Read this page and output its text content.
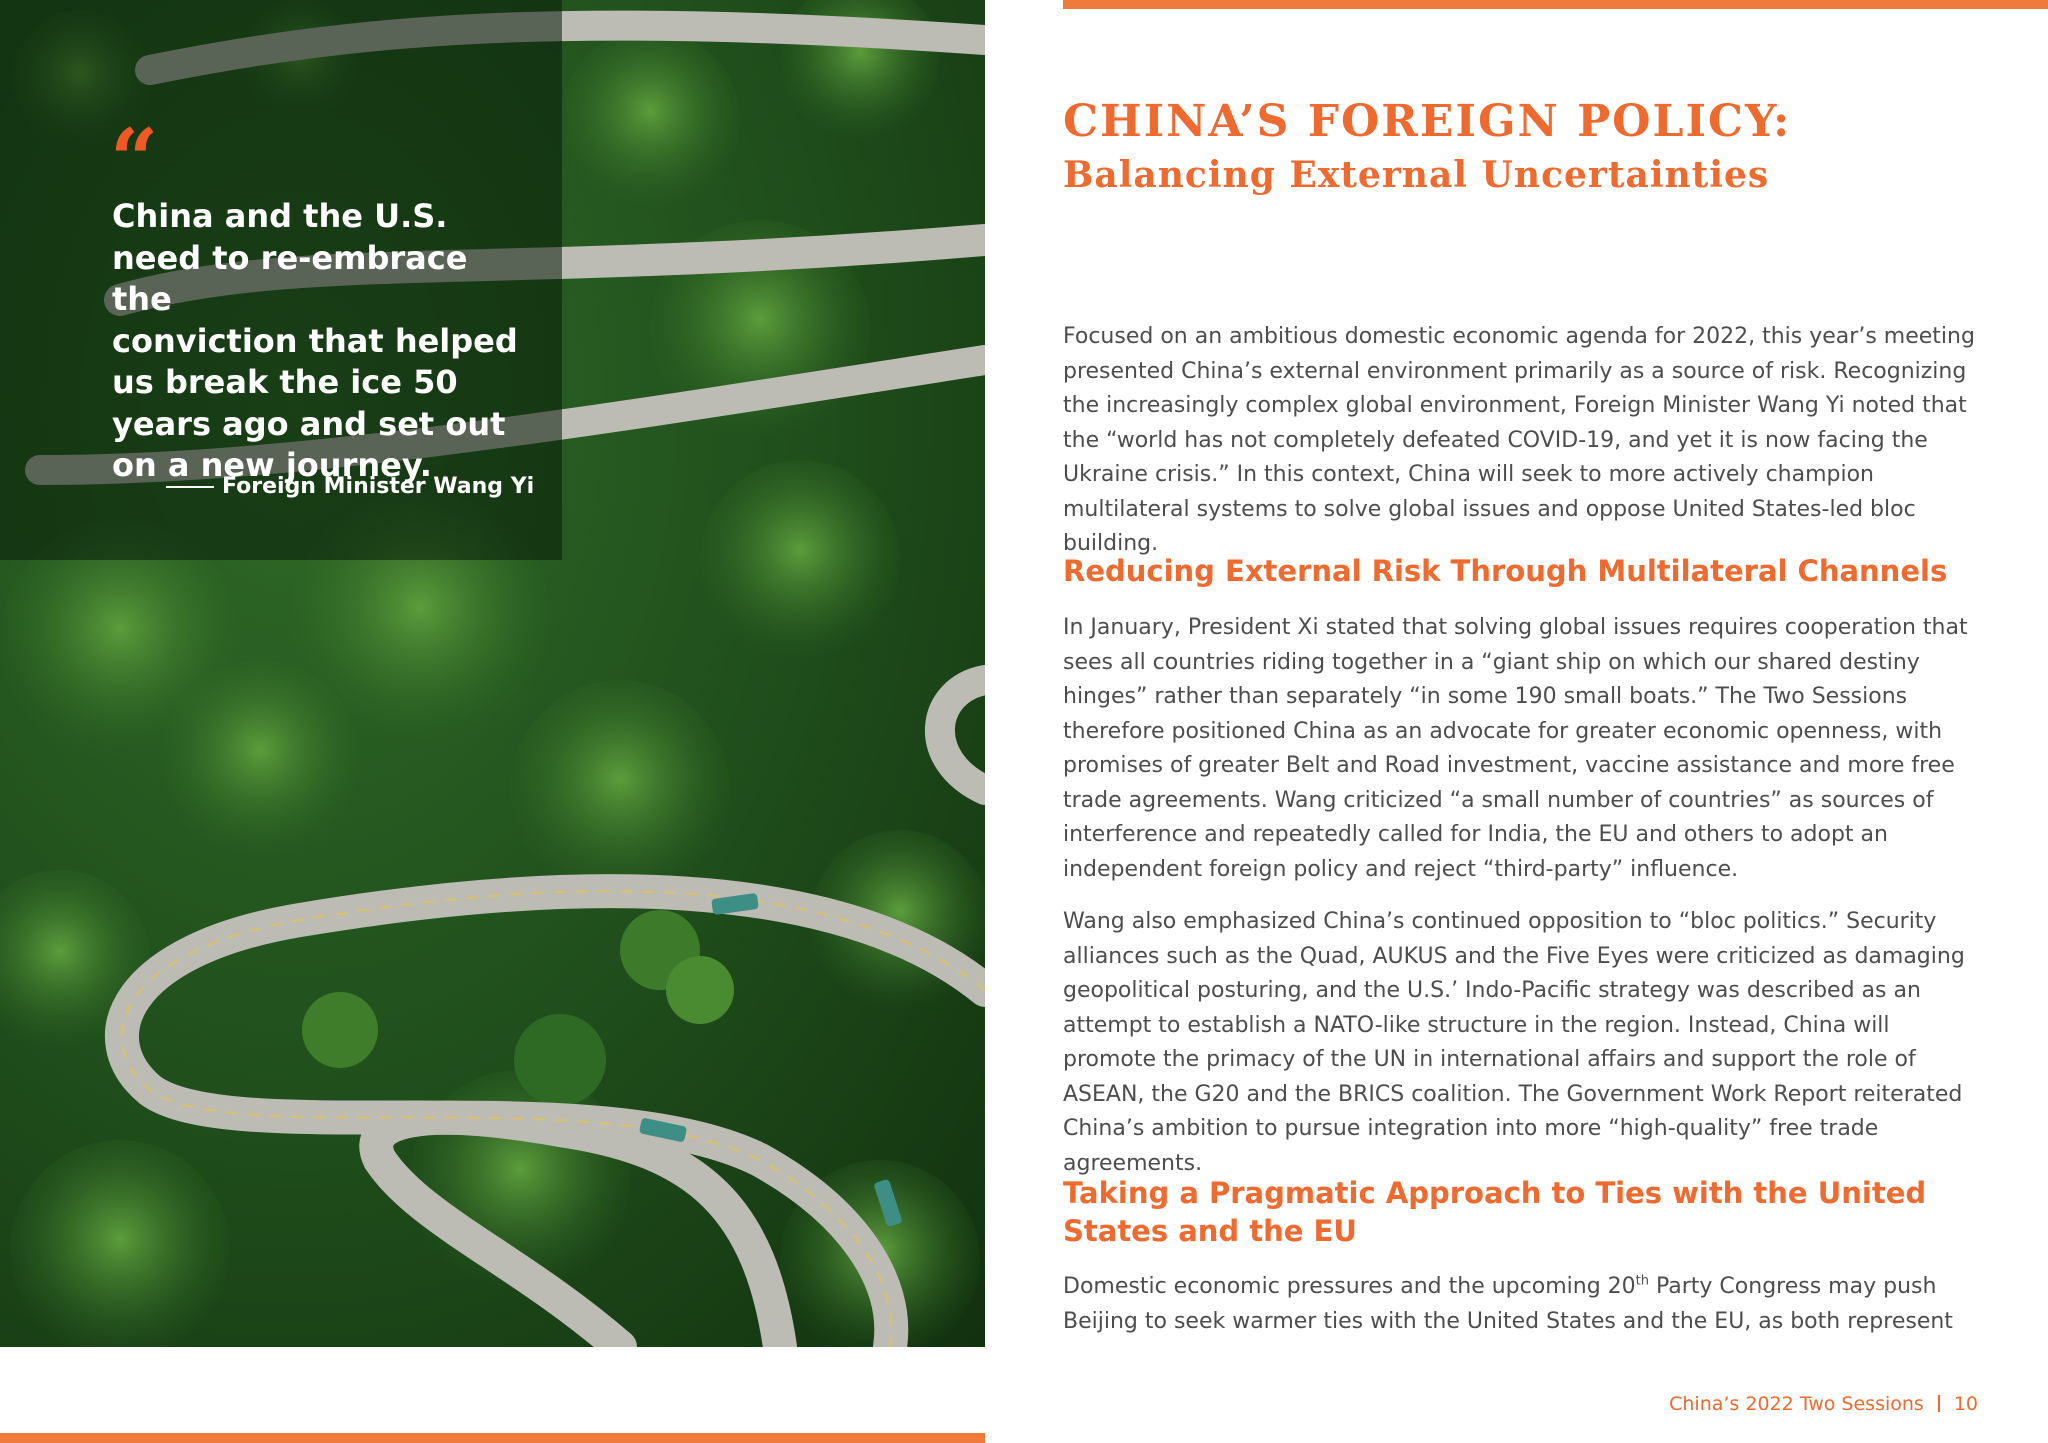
“
China and the U.S.
need to re-embrace the
conviction that helped
us break the ice 50
years ago and set out
on a new journey.
Foreign Minister Wang Yi
CHINA’S FOREIGN POLICY:
Balancing External Uncertainties

Focused on an ambitious domestic economic agenda for 2022, this year’s meeting presented China’s external environment primarily as a source of risk. Recognizing the increasingly complex global environment, Foreign Minister Wang Yi noted that the “world has not completely defeated COVID-19, and yet it is now facing the Ukraine crisis.” In this context, China will seek to more actively champion multilateral systems to solve global issues and oppose United States-led bloc building.

Reducing External Risk Through Multilateral Channels

In January, President Xi stated that solving global issues requires cooperation that sees all countries riding together in a “giant ship on which our shared destiny hinges” rather than separately “in some 190 small boats.” The Two Sessions therefore positioned China as an advocate for greater economic openness, with promises of greater Belt and Road investment, vaccine assistance and more free trade agreements. Wang criticized “a small number of countries” as sources of interference and repeatedly called for India, the EU and others to adopt an independent foreign policy and reject “third-party” influence.

Wang also emphasized China’s continued opposition to “bloc politics.” Security alliances such as the Quad, AUKUS and the Five Eyes were criticized as damaging geopolitical posturing, and the U.S.’ Indo-Pacific strategy was described as an attempt to establish a NATO-like structure in the region. Instead, China will promote the primacy of the UN in international affairs and support the role of ASEAN, the G20 and the BRICS coalition. The Government Work Report reiterated China’s ambition to pursue integration into more “high-quality” free trade agreements.

Taking a Pragmatic Approach to Ties with the United States and the EU

Domestic economic pressures and the upcoming 20th Party Congress may push Beijing to seek warmer ties with the United States and the EU, as both represent

China’s 2022 Two Sessions 10
